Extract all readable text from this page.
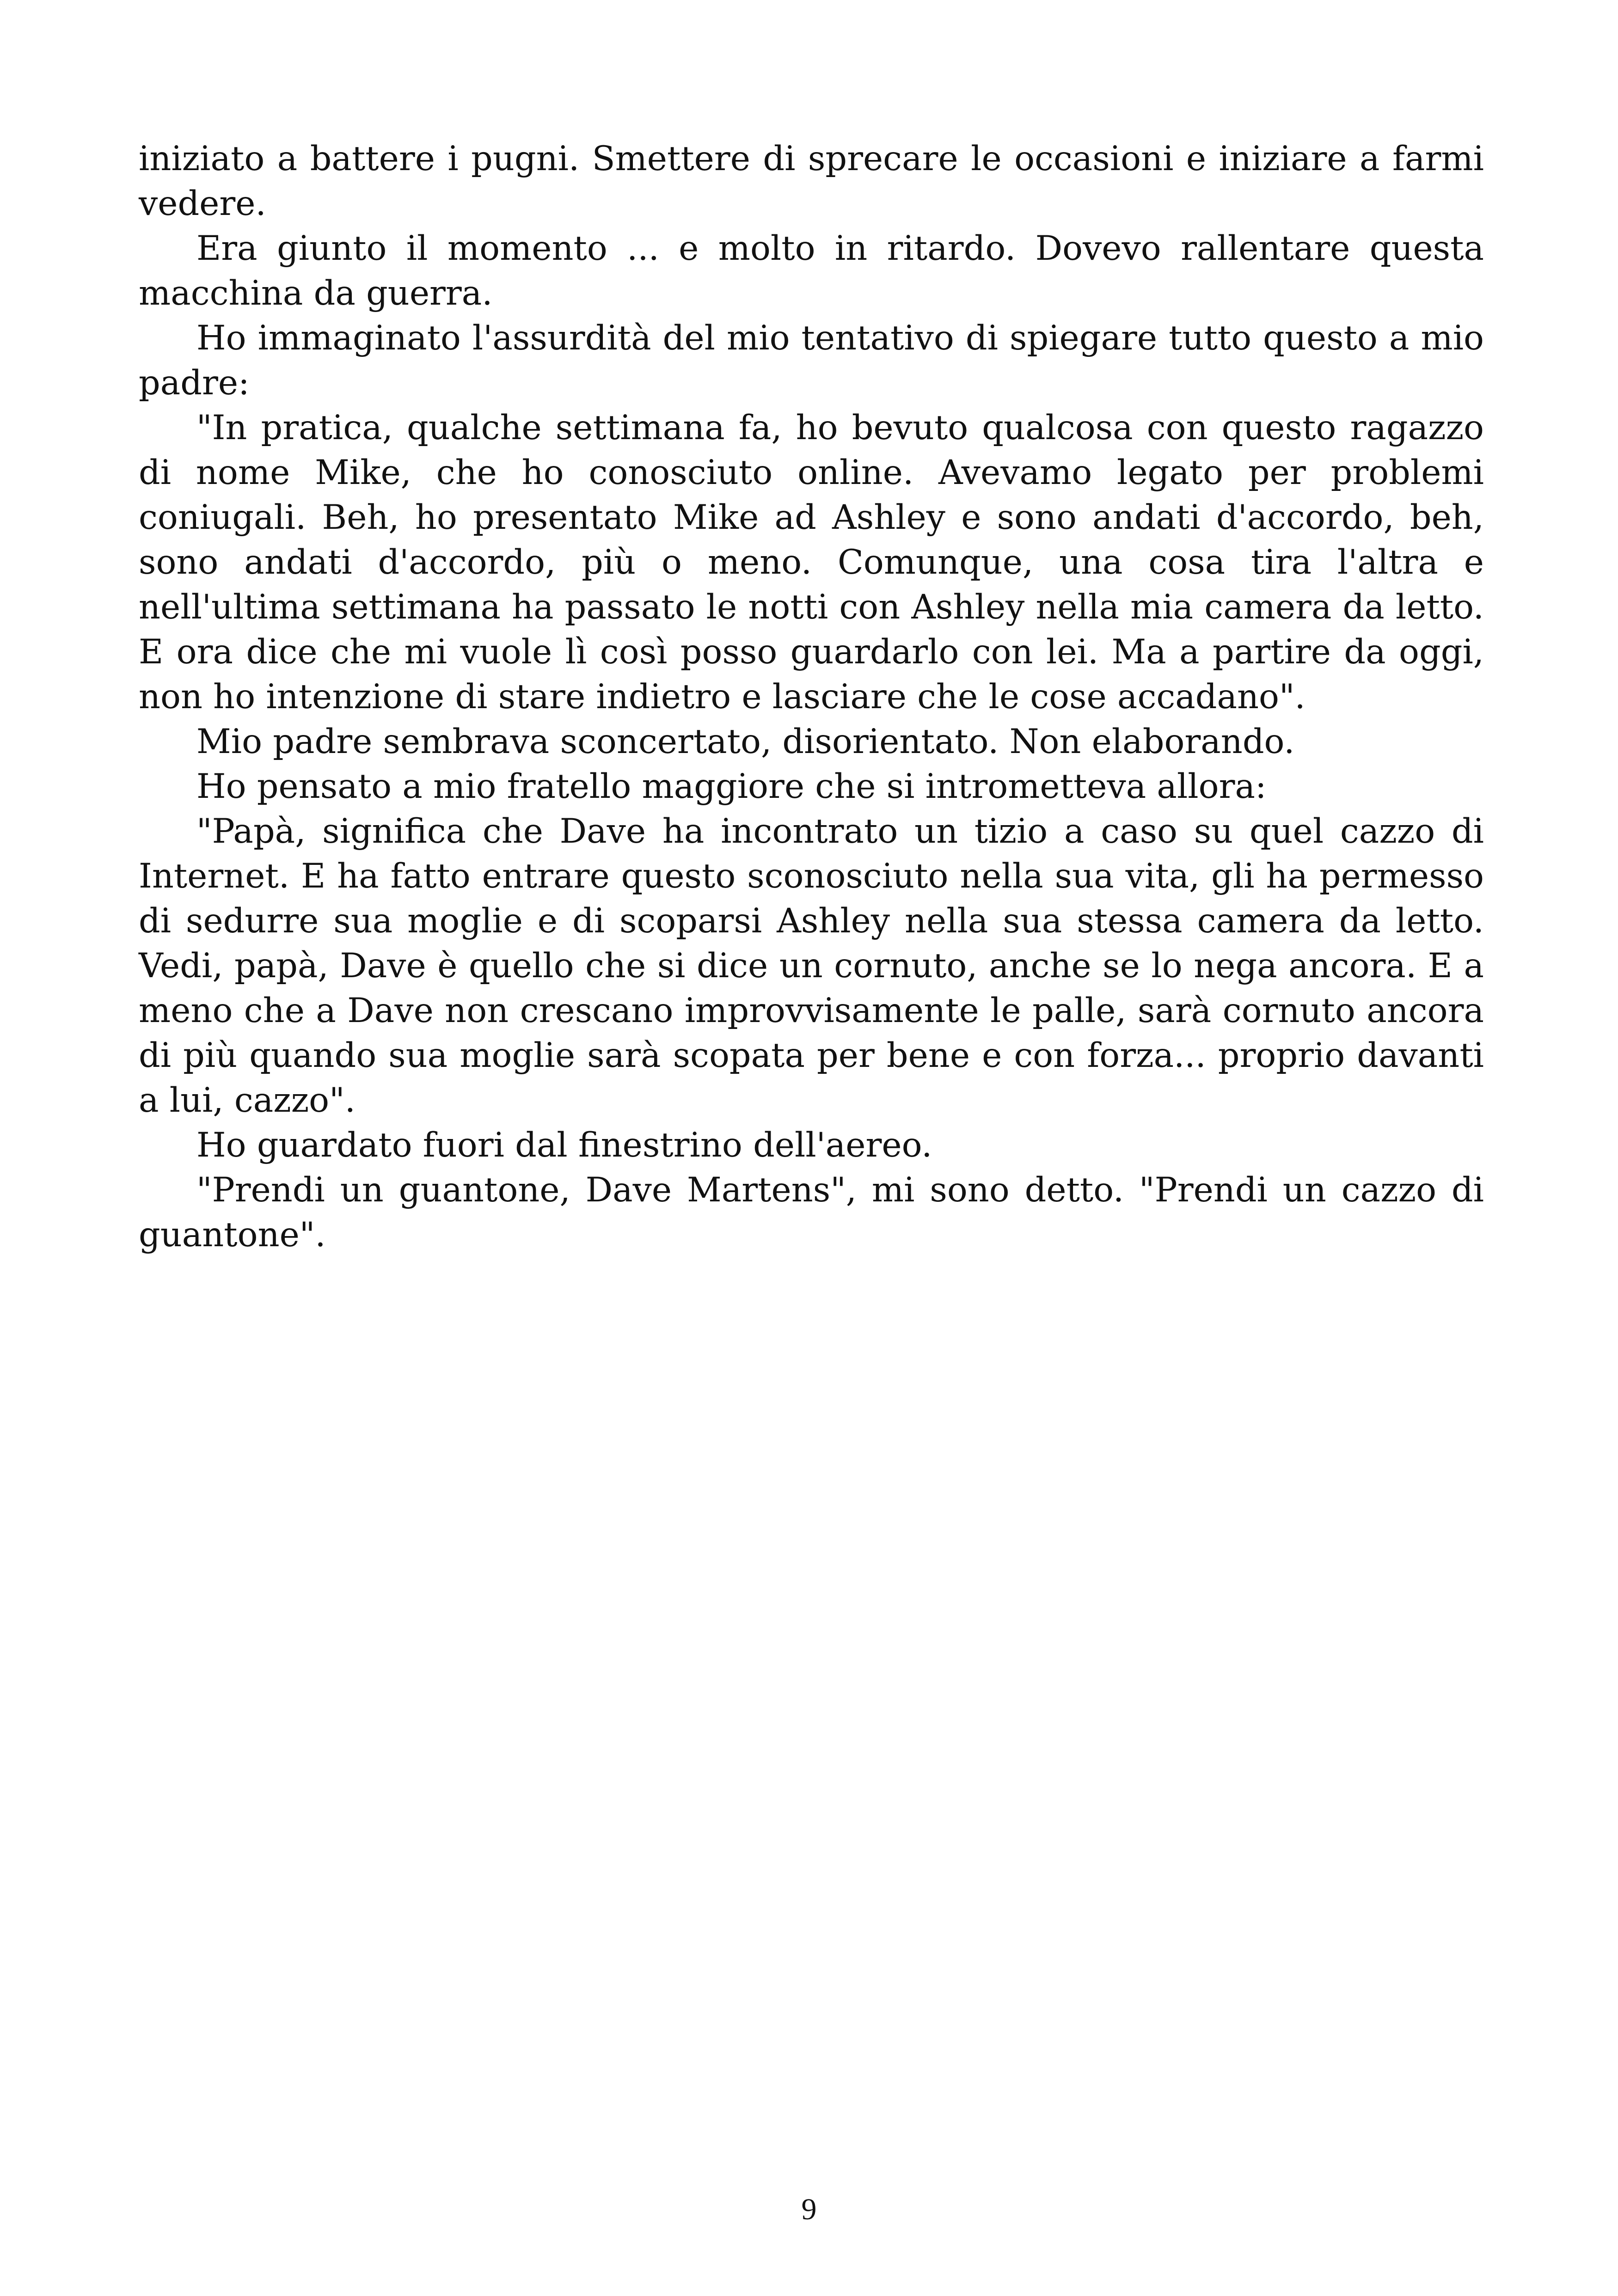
iniziato a battere i pugni. Smettere di sprecare le occasioni e iniziare a farmi vedere.

Era giunto il momento ... e molto in ritardo. Dovevo rallentare questa macchina da guerra.

Ho immaginato l'assurdità del mio tentativo di spiegare tutto questo a mio padre:

"In pratica, qualche settimana fa, ho bevuto qualcosa con questo ragazzo di nome Mike, che ho conosciuto online. Avevamo legato per problemi coniugali. Beh, ho presentato Mike ad Ashley e sono andati d'accordo, beh, sono andati d'accordo, più o meno. Comunque, una cosa tira l'altra e nell'ultima settimana ha passato le notti con Ashley nella mia camera da letto. E ora dice che mi vuole lì così posso guardarlo con lei. Ma a partire da oggi, non ho intenzione di stare indietro e lasciare che le cose accadano".

Mio padre sembrava sconcertato, disorientato. Non elaborando.

Ho pensato a mio fratello maggiore che si intrometteva allora:

"Papà, significa che Dave ha incontrato un tizio a caso su quel cazzo di Internet. E ha fatto entrare questo sconosciuto nella sua vita, gli ha permesso di sedurre sua moglie e di scoparsi Ashley nella sua stessa camera da letto. Vedi, papà, Dave è quello che si dice un cornuto, anche se lo nega ancora. E a meno che a Dave non crescano improvvisamente le palle, sarà cornuto ancora di più quando sua moglie sarà scopata per bene e con forza... proprio davanti a lui, cazzo".

Ho guardato fuori dal finestrino dell'aereo.

"Prendi un guantone, Dave Martens", mi sono detto. "Prendi un cazzo di guantone".

9
